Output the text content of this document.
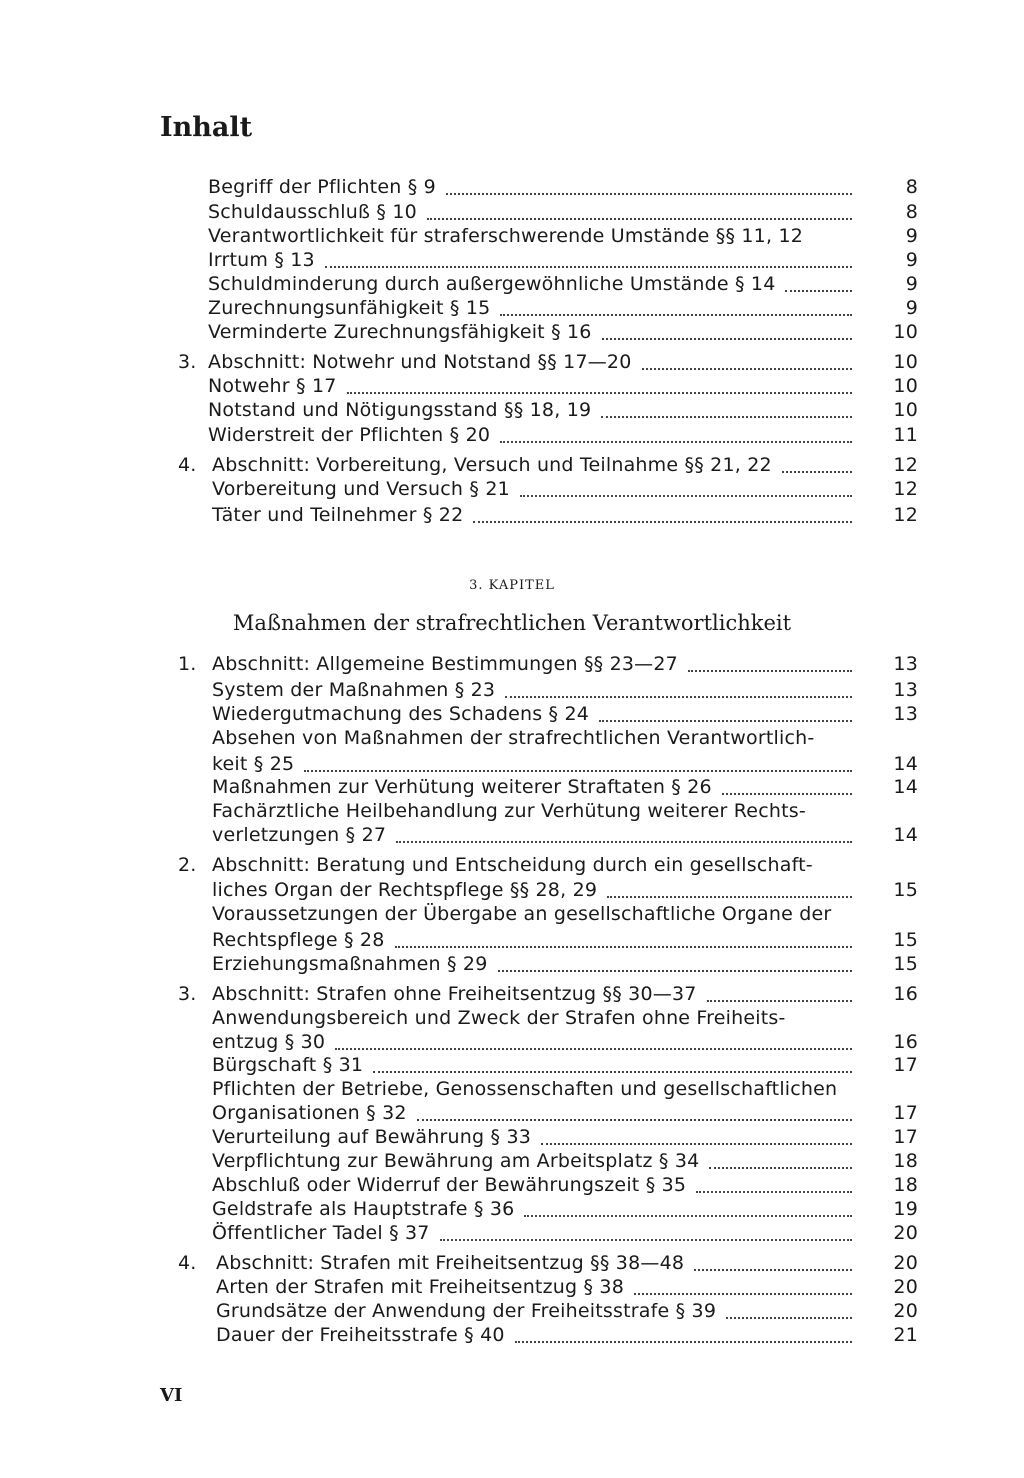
Inhalt
3. KAPITEL
Maßnahmen der strafrechtlichen Verantwortlichkeit
Begriff der Pflichten § 9	8
Schuldausschluß § 10	8
Verantwortlichkeit für straferschwerende Umstände §§ 11, 12	9
Irrtum § 13	9
Schuldminderung durch außergewöhnliche Umstände § 14	9
Zurechnungsunfähigkeit § 15	9
Verminderte Zurechnungsfähigkeit § 16	10
3. Abschnitt: Notwehr und Notstand §§ 17—20	10
Notwehr § 17	10
Notstand und Nötigungsstand §§ 18, 19	10
Widerstreit der Pflichten § 20	11
4. Abschnitt: Vorbereitung, Versuch und Teilnahme §§ 21, 22	12
Vorbereitung und Versuch § 21	12
Täter und Teilnehmer § 22	12
1. Abschnitt: Allgemeine Bestimmungen §§ 23—27	13
System der Maßnahmen § 23	13
Wiedergutmachung des Schadens § 24	13
Absehen von Maßnahmen der strafrechtlichen Verantwortlich-
keit § 25	14
Maßnahmen zur Verhütung weiterer Straftaten § 26	14
Fachärztliche Heilbehandlung zur Verhütung weiterer Rechts-
verletzungen § 27	14
2. Abschnitt: Beratung und Entscheidung durch ein gesellschaft-
liches Organ der Rechtspflege §§ 28, 29	15
Voraussetzungen der Übergabe an gesellschaftliche Organe der
Rechtspflege § 28	15
Erziehungsmaßnahmen § 29	15
3. Abschnitt: Strafen ohne Freiheitsentzug §§ 30—37	16
Anwendungsbereich und Zweck der Strafen ohne Freiheits-
entzug § 30	16
Bürgschaft § 31	17
Pflichten der Betriebe, Genossenschaften und gesellschaftlichen
Organisationen § 32	17
Verurteilung auf Bewährung § 33	17
Verpflichtung zur Bewährung am Arbeitsplatz § 34	18
Abschluß oder Widerruf der Bewährungszeit § 35	18
Geldstrafe als Hauptstrafe § 36	19
Öffentlicher Tadel § 37	20
4. Abschnitt: Strafen mit Freiheitsentzug §§ 38—48	20
Arten der Strafen mit Freiheitsentzug § 38	20
Grundsätze der Anwendung der Freiheitsstrafe § 39	20
Dauer der Freiheitsstrafe § 40	21
VI
